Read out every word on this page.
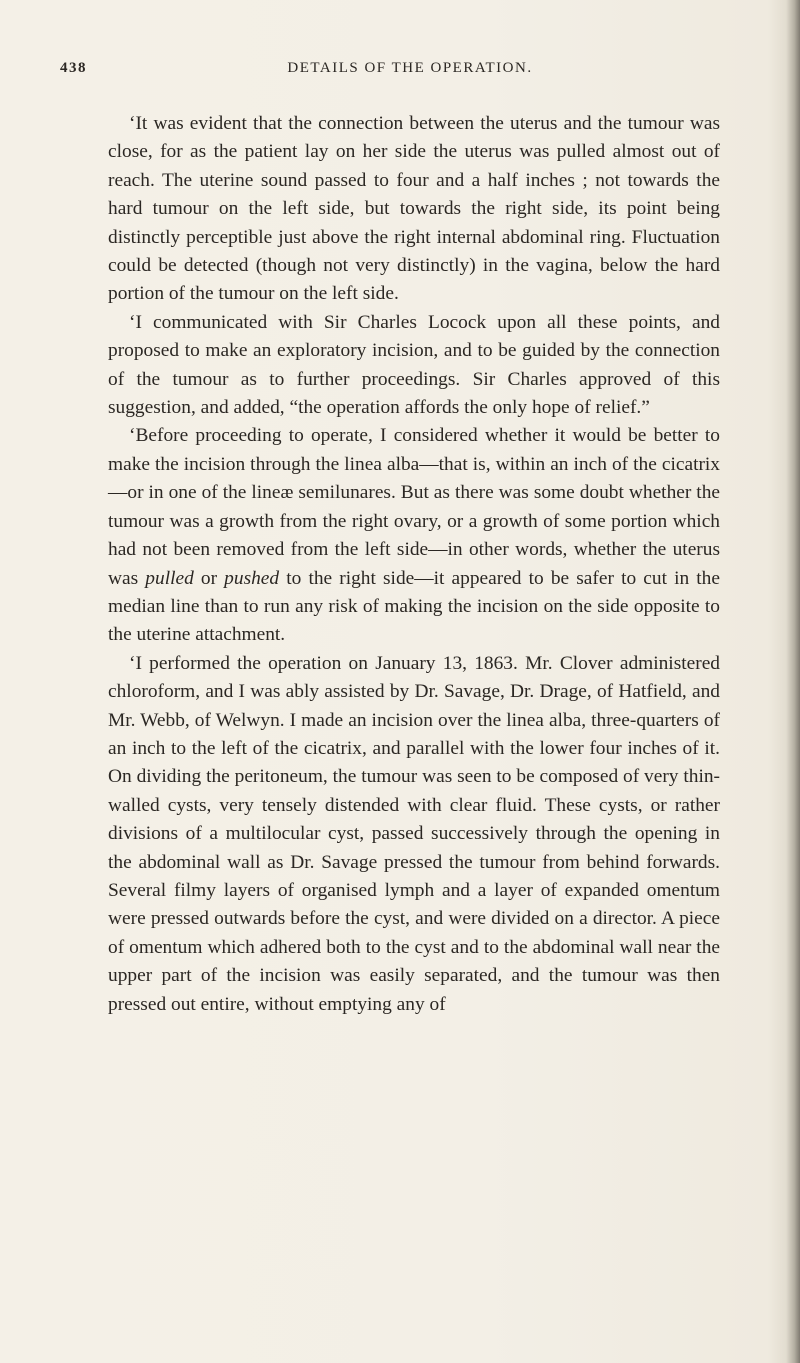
438	DETAILS OF THE OPERATION.

‘It was evident that the connection between the uterus and the tumour was close, for as the patient lay on her side the uterus was pulled almost out of reach. The uterine sound passed to four and a half inches ; not towards the hard tumour on the left side, but towards the right side, its point being distinctly perceptible just above the right internal abdominal ring. Fluctuation could be detected (though not very distinctly) in the vagina, below the hard portion of the tumour on the left side.

‘I communicated with Sir Charles Locock upon all these points, and proposed to make an exploratory incision, and to be guided by the connection of the tumour as to further proceedings. Sir Charles approved of this suggestion, and added, “the operation affords the only hope of relief.”

‘Before proceeding to operate, I considered whether it would be better to make the incision through the linea alba—that is, within an inch of the cicatrix—or in one of the lineæ semilunares. But as there was some doubt whether the tumour was a growth from the right ovary, or a growth of some portion which had not been removed from the left side—in other words, whether the uterus was pulled or pushed to the right side—it appeared to be safer to cut in the median line than to run any risk of making the incision on the side opposite to the uterine attachment.

‘I performed the operation on January 13, 1863. Mr. Clover administered chloroform, and I was ably assisted by Dr. Savage, Dr. Drage, of Hatfield, and Mr. Webb, of Welwyn. I made an incision over the linea alba, three-quarters of an inch to the left of the cicatrix, and parallel with the lower four inches of it. On dividing the peritoneum, the tumour was seen to be composed of very thin-walled cysts, very tensely distended with clear fluid. These cysts, or rather divisions of a multilocular cyst, passed successively through the opening in the abdominal wall as Dr. Savage pressed the tumour from behind forwards. Several filmy layers of organised lymph and a layer of expanded omentum were pressed outwards before the cyst, and were divided on a director. A piece of omentum which adhered both to the cyst and to the abdominal wall near the upper part of the incision was easily separated, and the tumour was then pressed out entire, without emptying any of
